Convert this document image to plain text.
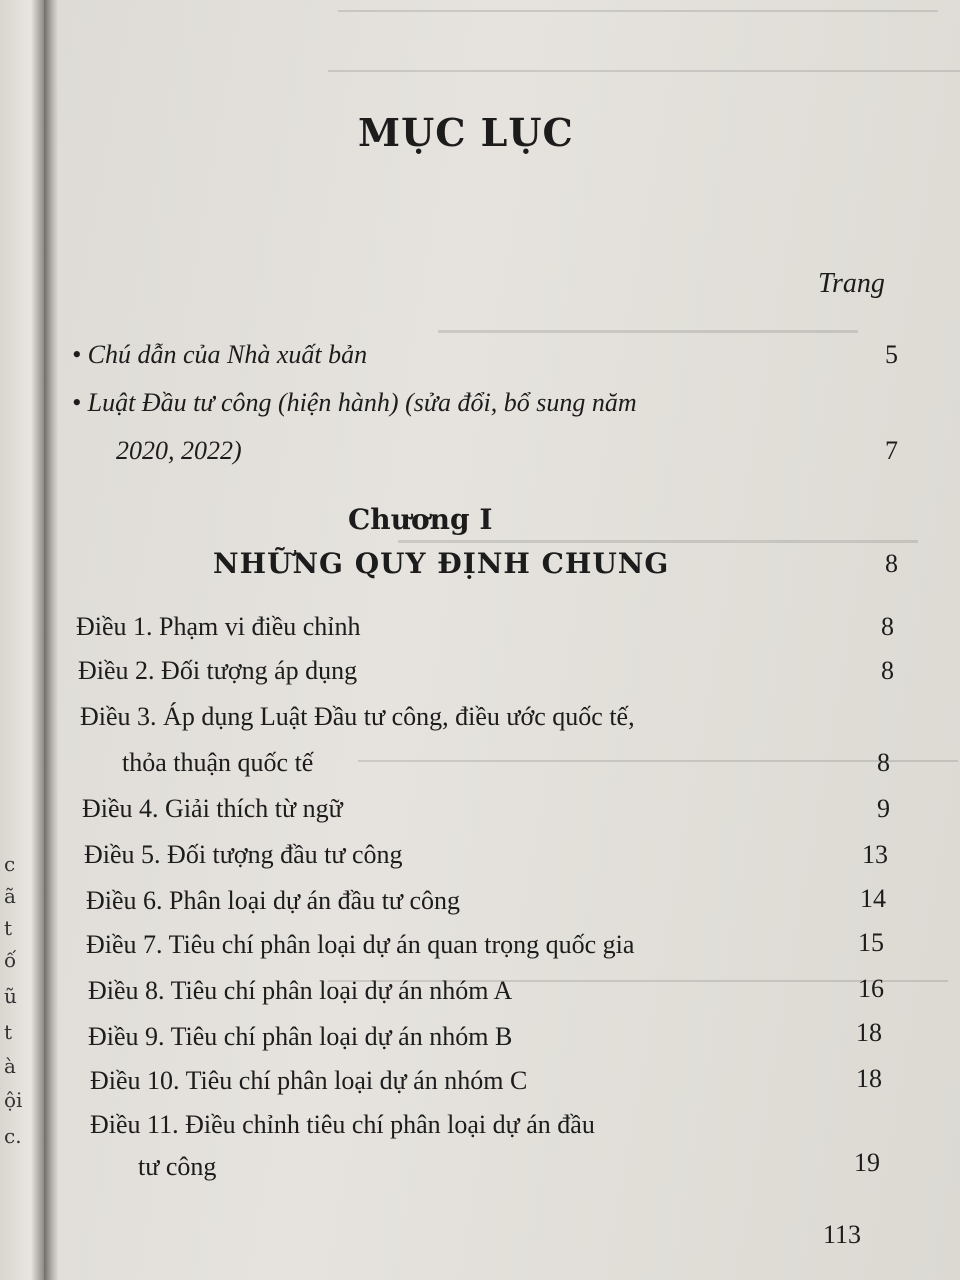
c
ã
t
ố
ũ
t
à
ội
c.
MỤC LỤC
Trang
• Chú dẫn của Nhà xuất bản	5
• Luật Đầu tư công (hiện hành) (sửa đổi, bổ sung năm
2020, 2022)	7
Chương I
NHỮNG QUY ĐỊNH CHUNG	8
Điều 1. Phạm vi điều chỉnh	8
Điều 2. Đối tượng áp dụng	8
Điều 3. Áp dụng Luật Đầu tư công, điều ước quốc tế,
thỏa thuận quốc tế	8
Điều 4. Giải thích từ ngữ	9
Điều 5. Đối tượng đầu tư công	13
Điều 6. Phân loại dự án đầu tư công	14
Điều 7. Tiêu chí phân loại dự án quan trọng quốc gia	15
Điều 8. Tiêu chí phân loại dự án nhóm A	16
Điều 9. Tiêu chí phân loại dự án nhóm B	18
Điều 10. Tiêu chí phân loại dự án nhóm C	18
Điều 11. Điều chỉnh tiêu chí phân loại dự án đầu
tư công	19
113
